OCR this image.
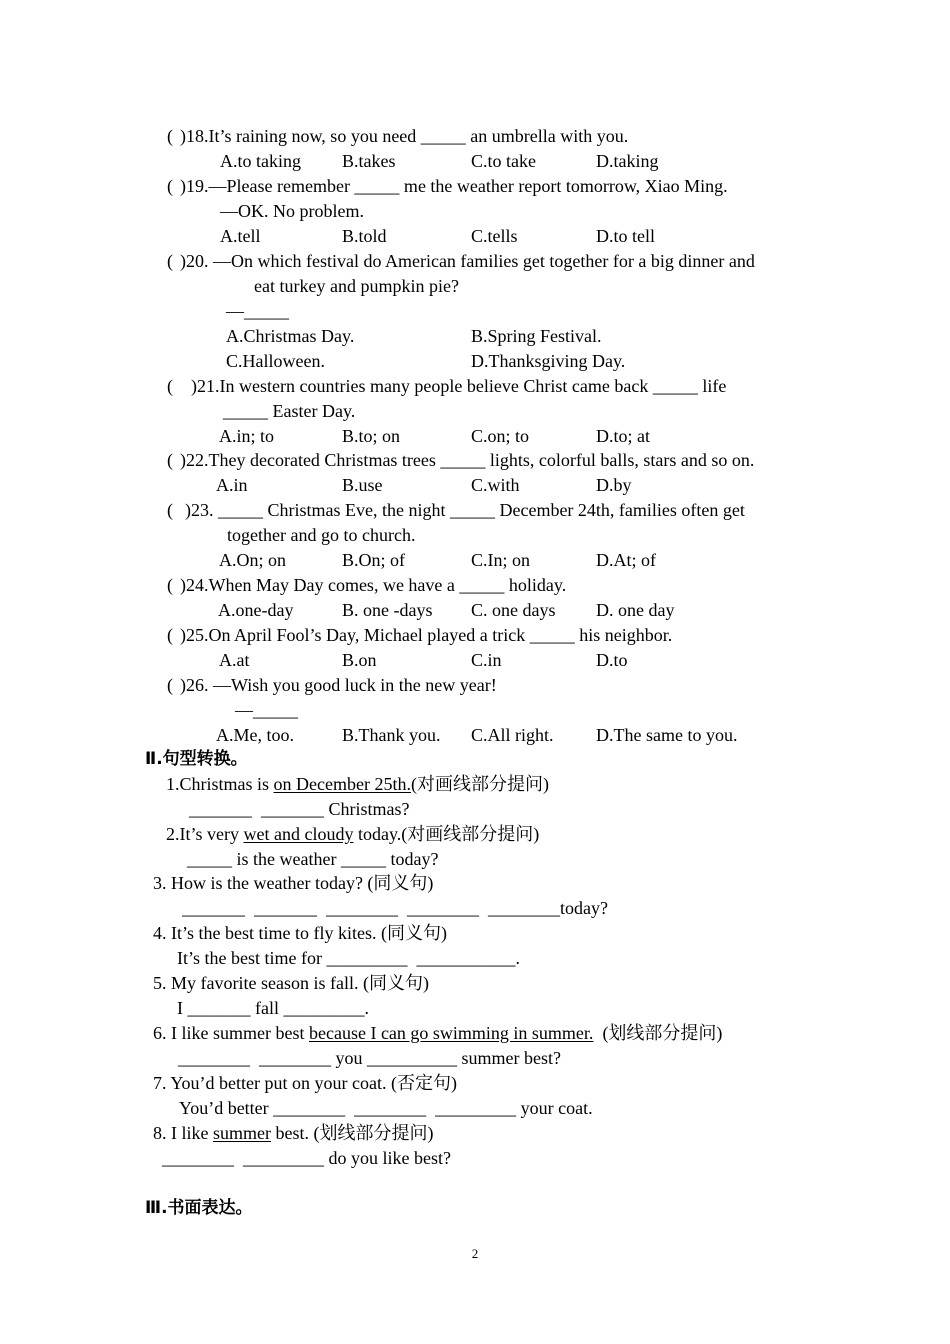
( )18.It’s raining now, so you need _____ an umbrella with you.
A.to taking B.takes	C.to take	D.taking
( )19.—Please remember _____ me the weather report tomorrow, Xiao Ming.
—OK. No problem.
A.tell	B.told	C.tells	D.to tell
( )20. —On which festival do American families get together for a big dinner and
eat turkey and pumpkin pie?
—_____
A.Christmas Day.	B.Spring Festival.
C.Halloween.	D.Thanksgiving Day.
( )21.In western countries many people believe Christ came back _____ life
_____ Easter Day.
A.in; to	B.to; on	C.on; to	D.to; at
( )22.They decorated Christmas trees _____ lights, colorful balls, stars and so on.
A.in	B.use	C.with	D.by
( )23. _____ Christmas Eve, the night _____ December 24th, families often get
together and go to church.
A.On; on	B.On; of	C.In; on	D.At; of
( )24.When May Day comes, we have a _____ holiday.
A.one-day	B. one -days C. one days D. one day
( )25.On April Fool’s Day, Michael played a trick _____ his neighbor.
A.at	B.on	C.in	D.to
( )26. —Wish you good luck in the new year!
—_____
A.Me, too.	B.Thank you. C.All right. D.The same to you.
Ⅱ.句型转换。
1.Christmas is on December 25th.(对画线部分提问)
_______  _______ Christmas?
2.It’s very wet and cloudy today.(对画线部分提问)
_____ is the weather _____ today?
3. How is the weather today? (同义句)
_______  _______  ________  ________  ________today?
4. It’s the best time to fly kites. (同义句)
It’s the best time for _________  ___________.
5. My favorite season is fall. (同义句)
I _______ fall _________.
6. I like summer best because I can go swimming in summer.  (划线部分提问)
________  ________ you __________ summer best?
7. You’d better put on your coat. (否定句)
You’d better ________  ________  _________ your coat.
8. I like summer best. (划线部分提问)
________  _________ do you like best?
Ⅲ.书面表达。
2
